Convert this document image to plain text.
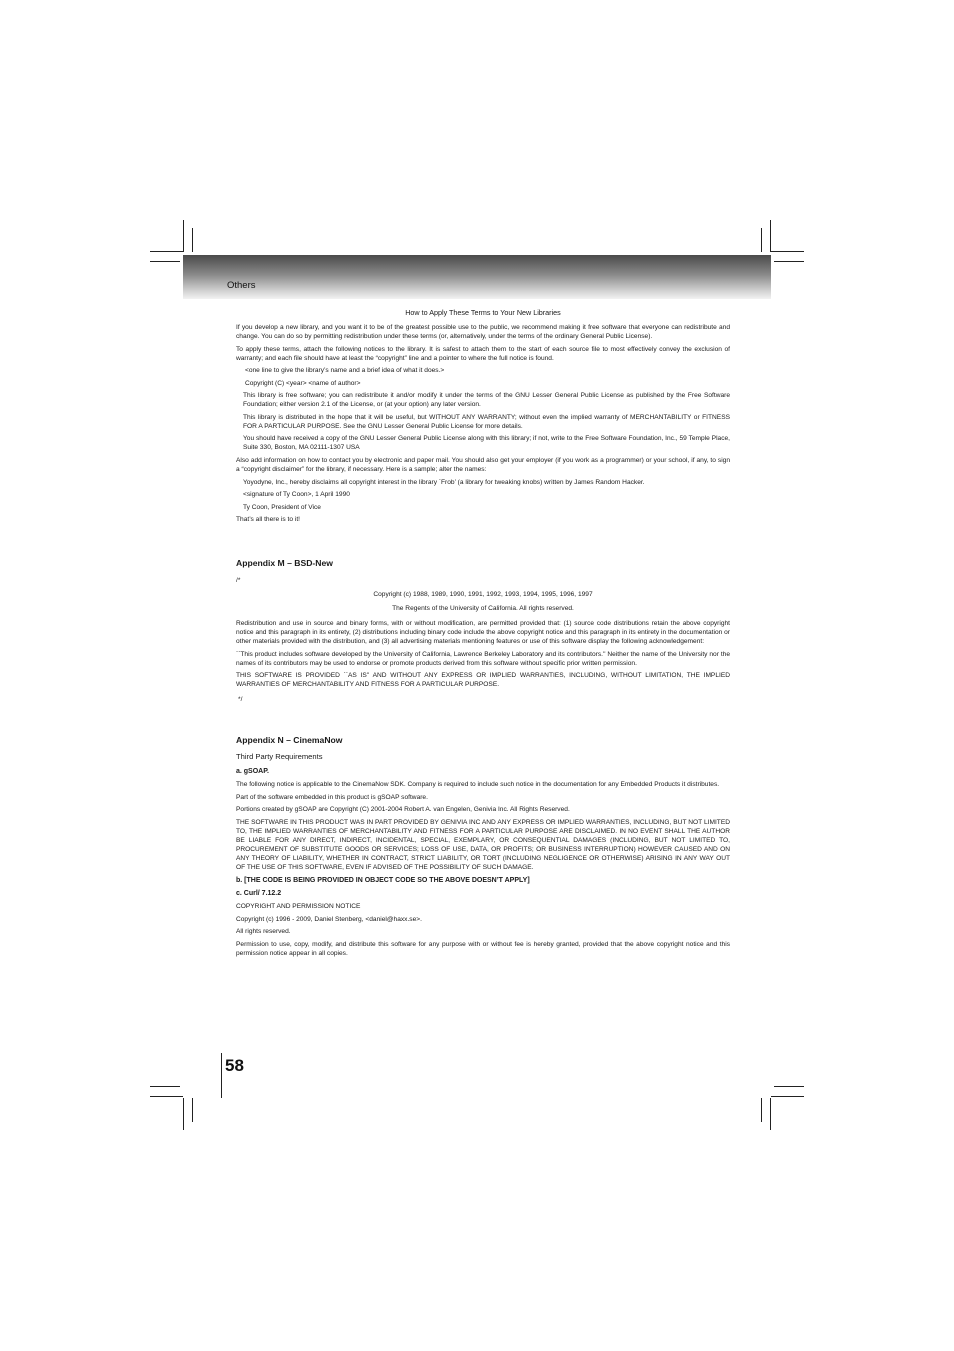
Others

How to Apply These Terms to Your New Libraries

If you develop a new library, and you want it to be of the greatest possible use to the public, we recommend making it free software that everyone can redistribute and change. You can do so by permitting redistribution under these terms (or, alternatively, under the terms of the ordinary General Public License).

To apply these terms, attach the following notices to the library. It is safest to attach them to the start of each source file to most effectively convey the exclusion of warranty; and each file should have at least the “copyright” line and a pointer to where the full notice is found.

<one line to give the library’s name and a brief idea of what it does.>

Copyright (C) <year> <name of author>

This library is free software; you can redistribute it and/or modify it under the terms of the GNU Lesser General Public License as published by the Free Software Foundation; either version 2.1 of the License, or (at your option) any later version.

This library is distributed in the hope that it will be useful, but WITHOUT ANY WARRANTY; without even the implied warranty of MERCHANTABILITY or FITNESS FOR A PARTICULAR PURPOSE. See the GNU Lesser General Public License for more details.

You should have received a copy of the GNU Lesser General Public License along with this library; if not, write to the Free Software Foundation, Inc., 59 Temple Place, Suite 330, Boston, MA 02111-1307 USA

Also add information on how to contact you by electronic and paper mail. You should also get your employer (if you work as a programmer) or your school, if any, to sign a “copyright disclaimer” for the library, if necessary. Here is a sample; alter the names:

Yoyodyne, Inc., hereby disclaims all copyright interest in the library `Frob’ (a library for tweaking knobs) written by James Random Hacker.

<signature of Ty Coon>, 1 April 1990

Ty Coon, President of Vice

That’s all there is to it!

Appendix M – BSD-New

/*

Copyright (c) 1988, 1989, 1990, 1991, 1992, 1993, 1994, 1995, 1996, 1997

The Regents of the University of California. All rights reserved.

Redistribution and use in source and binary forms, with or without modification, are permitted provided that: (1) source code distributions retain the above copyright notice and this paragraph in its entirety, (2) distributions including binary code include the above copyright notice and this paragraph in its entirety in the documentation or other materials provided with the distribution, and (3) all advertising materials mentioning features or use of this software display the following acknowledgement:

``This product includes software developed by the University of California, Lawrence Berkeley Laboratory and its contributors.'' Neither the name of the University nor the names of its contributors may be used to endorse or promote products derived from this software without specific prior written permission.

THIS SOFTWARE IS PROVIDED ``AS IS'' AND WITHOUT ANY EXPRESS OR IMPLIED WARRANTIES, INCLUDING, WITHOUT LIMITATION, THE IMPLIED WARRANTIES OF MERCHANTABILITY AND FITNESS FOR A PARTICULAR PURPOSE.

*/

Appendix N – CinemaNow

Third Party Requirements

a. gSOAP.

The following notice is applicable to the CinemaNow SDK. Company is required to include such notice in the documentation for any Embedded Products it distributes.

Part of the software embedded in this product is gSOAP software.

Portions created by gSOAP are Copyright (C) 2001-2004 Robert A. van Engelen, Genivia Inc. All Rights Reserved.

THE SOFTWARE IN THIS PRODUCT WAS IN PART PROVIDED BY GENIVIA INC AND ANY EXPRESS OR IMPLIED WARRANTIES, INCLUDING, BUT NOT LIMITED TO, THE IMPLIED WARRANTIES OF MERCHANTABILITY AND FITNESS FOR A PARTICULAR PURPOSE ARE DISCLAIMED. IN NO EVENT SHALL THE AUTHOR BE LIABLE FOR ANY DIRECT, INDIRECT, INCIDENTAL, SPECIAL, EXEMPLARY, OR CONSEQUENTIAL DAMAGES (INCLUDING, BUT NOT LIMITED TO, PROCUREMENT OF SUBSTITUTE GOODS OR SERVICES; LOSS OF USE, DATA, OR PROFITS; OR BUSINESS INTERRUPTION) HOWEVER CAUSED AND ON ANY THEORY OF LIABILITY, WHETHER IN CONTRACT, STRICT LIABILITY, OR TORT (INCLUDING NEGLIGENCE OR OTHERWISE) ARISING IN ANY WAY OUT OF THE USE OF THIS SOFTWARE, EVEN IF ADVISED OF THE POSSIBILITY OF SUCH DAMAGE.

b. [THE CODE IS BEING PROVIDED IN OBJECT CODE SO THE ABOVE DOESN’T APPLY]

c. Curl/ 7.12.2

COPYRIGHT AND PERMISSION NOTICE

Copyright (c) 1996 - 2009, Daniel Stenberg, <daniel@haxx.se>.

All rights reserved.

Permission to use, copy, modify, and distribute this software for any purpose with or without fee is hereby granted, provided that the above copyright notice and this permission notice appear in all copies.

58
